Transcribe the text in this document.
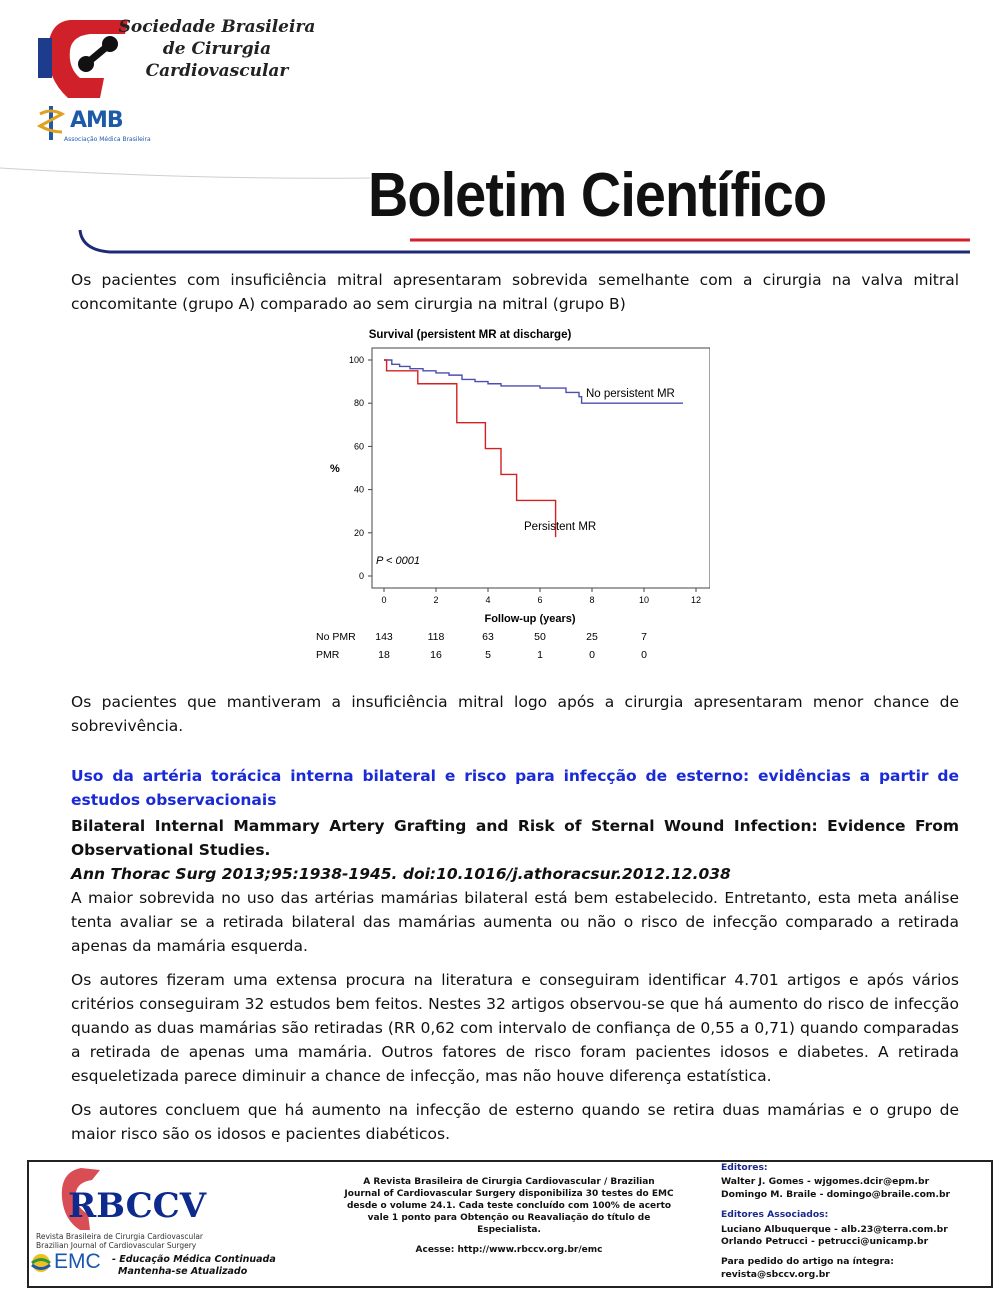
Sociedade Brasileira
de Cirurgia
Cardiovascular
AMB
Associação Médica Brasileira
Boletim Científico
Os pacientes com insuficiência mitral apresentaram sobrevida semelhante com a cirurgia na valva mitral concomitante (grupo A) comparado ao sem cirurgia na mitral (grupo B)
Survival (persistent MR at discharge)
0
20
40
60
80
100
0	2	4	6	8	10	12
%
Follow-up (years)
P < 0001
No persistent MR
Persistent MR
No PMR 143	118	63	50	25	7
PMR	18	16	5	1	0	0
Os pacientes que mantiveram a insuficiência mitral logo após a cirurgia apresentaram menor chance de sobrevivência.
Uso da artéria torácica interna bilateral e risco para infecção de esterno: evidências a partir de estudos observacionais
Bilateral Internal Mammary Artery Grafting and Risk of Sternal Wound Infection: Evidence From Observational Studies.
Ann Thorac Surg 2013;95:1938-1945. doi:10.1016/j.athoracsur.2012.12.038
A maior sobrevida no uso das artérias mamárias bilateral está bem estabelecido. Entretanto, esta meta análise tenta avaliar se a retirada bilateral das mamárias aumenta ou não o risco de infecção comparado a retirada apenas da mamária esquerda.
Os autores fizeram uma extensa procura na literatura e conseguiram identificar 4.701 artigos e após vários critérios conseguiram 32 estudos bem feitos. Nestes 32 artigos observou-se que há aumento do risco de infecção quando as duas mamárias são retiradas (RR 0,62 com intervalo de confiança de 0,55 a 0,71) quando comparadas a retirada de apenas uma mamária. Outros fatores de risco foram pacientes idosos e diabetes. A retirada esqueletizada parece diminuir a chance de infecção, mas não houve diferença estatística.
Os autores concluem que há aumento na infecção de esterno quando se retira duas mamárias e o grupo de maior risco são os idosos e pacientes diabéticos.
RBCCV
Revista Brasileira de Cirurgia Cardiovascular
Brazilian Journal of Cardiovascular Surgery
EMC - Educação Médica Continuada
Mantenha-se Atualizado
A Revista Brasileira de Cirurgia Cardiovascular / Brazilian Journal of Cardiovascular Surgery disponibiliza 30 testes do EMC desde o volume 24.1. Cada teste concluído com 100% de acerto vale 1 ponto para Obtenção ou Reavaliação do título de Especialista.
Acesse: http://www.rbccv.org.br/emc
Editores:
Walter J. Gomes - wjgomes.dcir@epm.br
Domingo M. Braile - domingo@braile.com.br
Editores Associados:
Luciano Albuquerque - alb.23@terra.com.br
Orlando Petrucci - petrucci@unicamp.br
Para pedido do artigo na íntegra:
revista@sbccv.org.br
